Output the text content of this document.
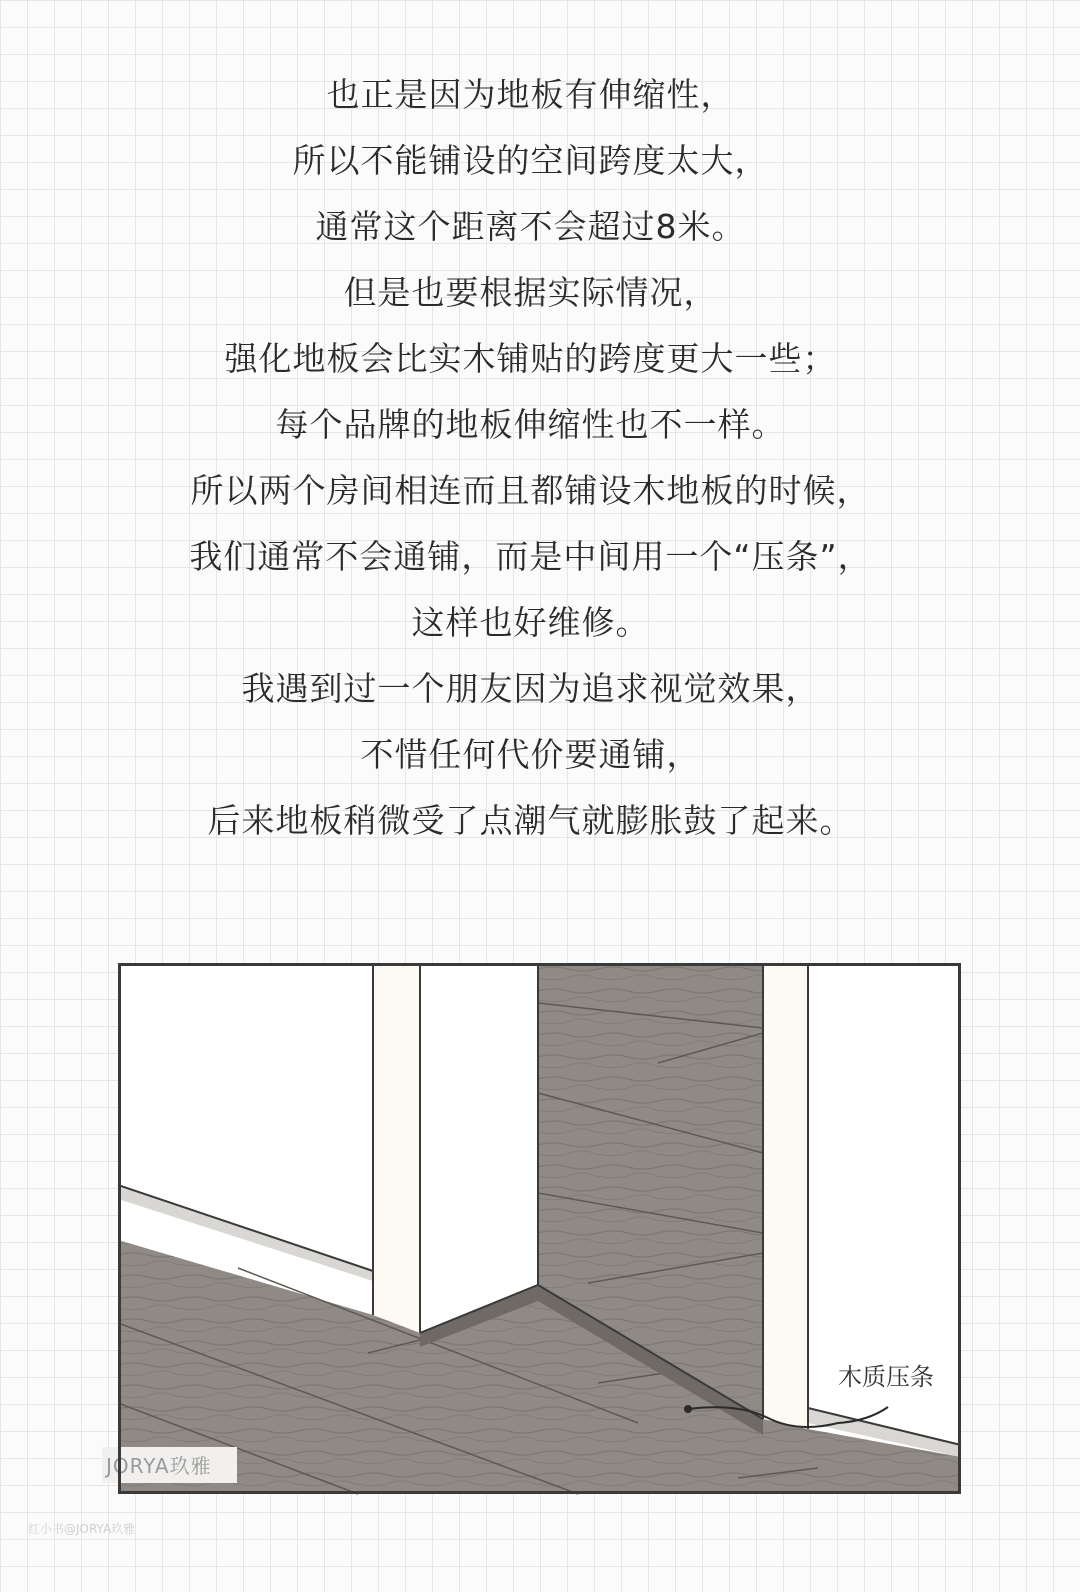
也正是因为地板有伸缩性，
所以不能铺设的空间跨度太大，
通常这个距离不会超过8米。
但是也要根据实际情况，
强化地板会比实木铺贴的跨度更大一些；
每个品牌的地板伸缩性也不一样。
所以两个房间相连而且都铺设木地板的时候，
我们通常不会通铺，而是中间用一个“压条”，
这样也好维修。
我遇到过一个朋友因为追求视觉效果，
不惜任何代价要通铺，
后来地板稍微受了点潮气就膨胀鼓了起来。
木质压条
JORYA玖雅
红小书@JORYA玖雅
